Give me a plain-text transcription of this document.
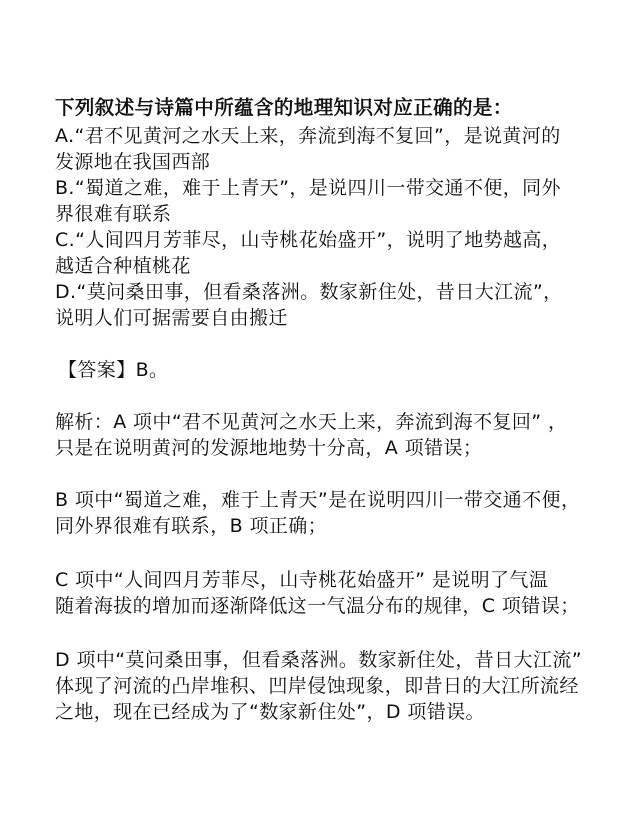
下列叙述与诗篇中所蕴含的地理知识对应正确的是：
A.“君不见黄河之水天上来，奔流到海不复回”，是说黄河的
发源地在我国西部
B.“蜀道之难，难于上青天”，是说四川一带交通不便，同外
界很难有联系
C.“人间四月芳菲尽，山寺桃花始盛开”，说明了地势越高，
越适合种植桃花
D.“莫问桑田事，但看桑落洲。数家新住处，昔日大江流”，
说明人们可据需要自由搬迁
【答案】B。
解析：A 项中“君不见黄河之水天上来，奔流到海不复回” ，
只是在说明黄河的发源地地势十分高，A 项错误；
B 项中“蜀道之难，难于上青天”是在说明四川一带交通不便，
同外界很难有联系，B 项正确；
C 项中“人间四月芳菲尽，山寺桃花始盛开” 是说明了气温
随着海拔的增加而逐渐降低这一气温分布的规律，C 项错误；
D 项中“莫问桑田事，但看桑落洲。数家新住处，昔日大江流”
体现了河流的凸岸堆积、凹岸侵蚀现象，即昔日的大江所流经
之地，现在已经成为了“数家新住处”，D 项错误。
